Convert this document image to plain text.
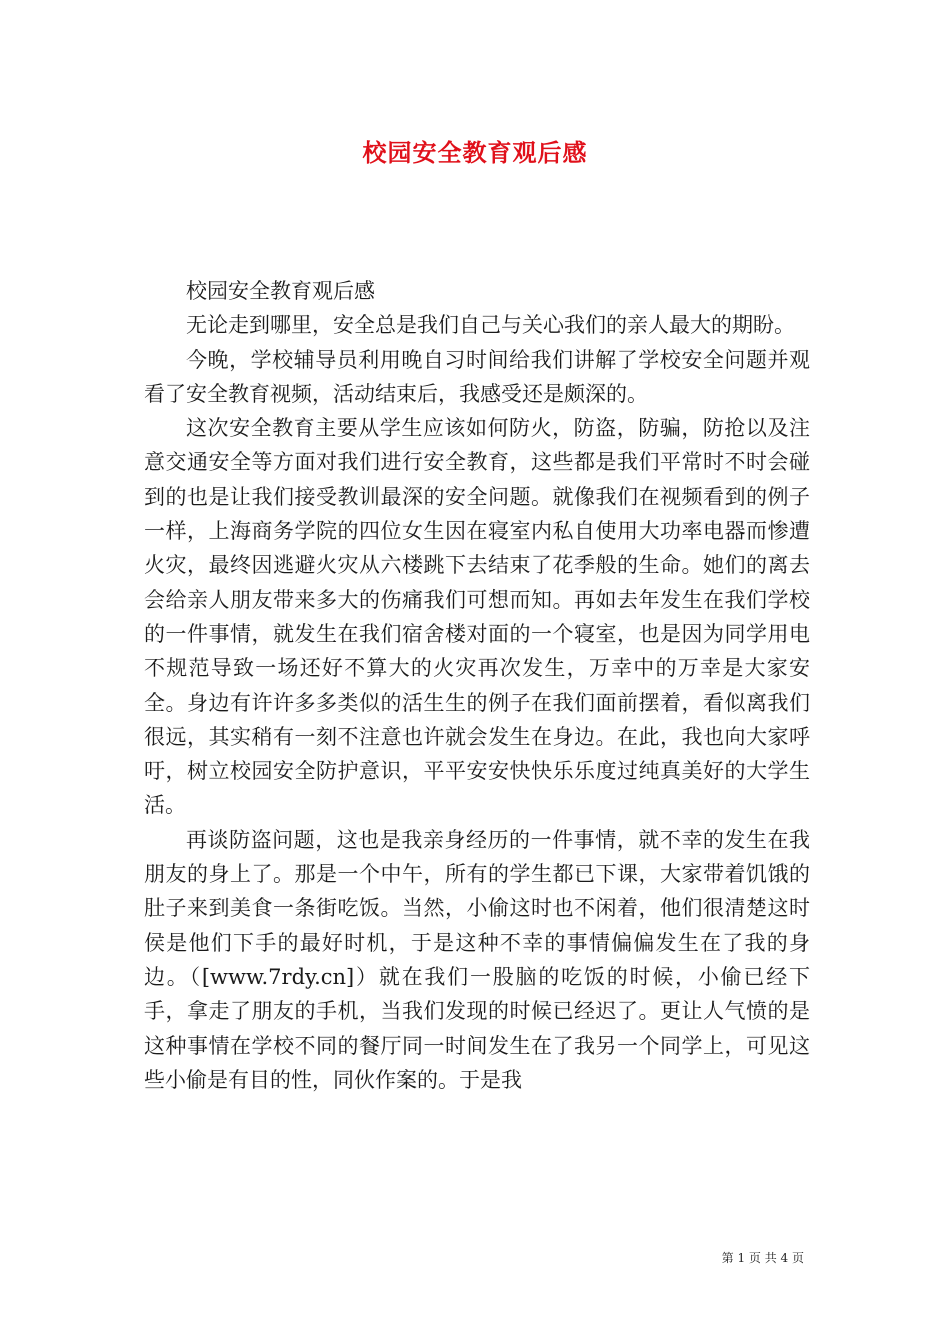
校园安全教育观后感

校园安全教育观后感

无论走到哪里，安全总是我们自己与关心我们的亲人最大的期盼。

今晚，学校辅导员利用晚自习时间给我们讲解了学校安全问题并观看了安全教育视频，活动结束后，我感受还是颇深的。

这次安全教育主要从学生应该如何防火，防盗，防骗，防抢以及注意交通安全等方面对我们进行安全教育，这些都是我们平常时不时会碰到的也是让我们接受教训最深的安全问题。就像我们在视频看到的例子一样，上海商务学院的四位女生因在寝室内私自使用大功率电器而惨遭火灾，最终因逃避火灾从六楼跳下去结束了花季般的生命。她们的离去会给亲人朋友带来多大的伤痛我们可想而知。再如去年发生在我们学校的一件事情，就发生在我们宿舍楼对面的一个寝室，也是因为同学用电不规范导致一场还好不算大的火灾再次发生，万幸中的万幸是大家安全。身边有许许多多类似的活生生的例子在我们面前摆着，看似离我们很远，其实稍有一刻不注意也许就会发生在身边。在此，我也向大家呼吁，树立校园安全防护意识，平平安安快快乐乐度过纯真美好的大学生活。

再谈防盗问题，这也是我亲身经历的一件事情，就不幸的发生在我朋友的身上了。那是一个中午，所有的学生都已下课，大家带着饥饿的肚子来到美食一条街吃饭。当然，小偷这时也不闲着，他们很清楚这时侯是他们下手的最好时机，于是这种不幸的事情偏偏发生在了我的身边。（[www.7rdy.cn]）就在我们一股脑的吃饭的时候，小偷已经下手，拿走了朋友的手机，当我们发现的时候已经迟了。更让人气愤的是这种事情在学校不同的餐厅同一时间发生在了我另一个同学上，可见这些小偷是有目的性，同伙作案的。于是我

第 1 页 共 4 页
